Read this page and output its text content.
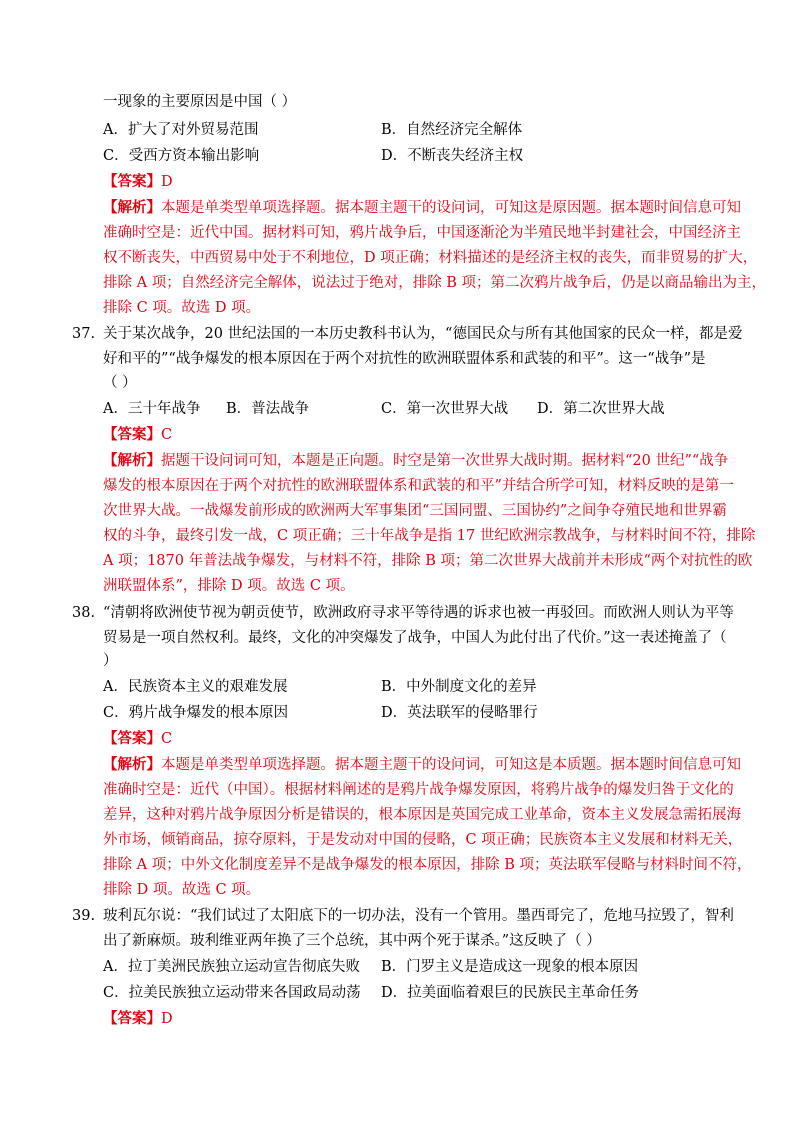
一现象的主要原因是中国（ ）
A．扩大了对外贸易范围	B．自然经济完全解体
C．受西方资本输出影响	D．不断丧失经济主权
【答案】D
【解析】本题是单类型单项选择题。据本题主题干的设问词，可知这是原因题。据本题时间信息可知
准确时空是：近代中国。据材料可知，鸦片战争后，中国逐渐沦为半殖民地半封建社会，中国经济主
权不断丧失，中西贸易中处于不利地位，D 项正确；材料描述的是经济主权的丧失，而非贸易的扩大，
排除 A 项；自然经济完全解体，说法过于绝对，排除 B 项；第二次鸦片战争后，仍是以商品输出为主，
排除 C 项。故选 D 项。
37. 关于某次战争，20 世纪法国的一本历史教科书认为，“德国民众与所有其他国家的民众一样，都是爱
好和平的”“战争爆发的根本原因在于两个对抗性的欧洲联盟体系和武装的和平”。这一“战争”是
（ ）
A．三十年战争 B．普法战争	C．第一次世界大战 D．第二次世界大战
【答案】C
【解析】据题干设问词可知，本题是正向题。时空是第一次世界大战时期。据材料“20 世纪”“战争
爆发的根本原因在于两个对抗性的欧洲联盟体系和武装的和平”并结合所学可知，材料反映的是第一
次世界大战。一战爆发前形成的欧洲两大军事集团“三国同盟、三国协约”之间争夺殖民地和世界霸
权的斗争，最终引发一战，C 项正确；三十年战争是指 17 世纪欧洲宗教战争，与材料时间不符，排除
A 项；1870 年普法战争爆发，与材料不符，排除 B 项；第二次世界大战前并未形成“两个对抗性的欧
洲联盟体系”，排除 D 项。故选 C 项。
38. “清朝将欧洲使节视为朝贡使节，欧洲政府寻求平等待遇的诉求也被一再驳回。而欧洲人则认为平等
贸易是一项自然权利。最终，文化的冲突爆发了战争，中国人为此付出了代价。”这一表述掩盖了（
）
A．民族资本主义的艰难发展	B．中外制度文化的差异
C．鸦片战争爆发的根本原因	D．英法联军的侵略罪行
【答案】C
【解析】本题是单类型单项选择题。据本题主题干的设问词，可知这是本质题。据本题时间信息可知
准确时空是：近代（中国）。根据材料阐述的是鸦片战争爆发原因，将鸦片战争的爆发归咎于文化的
差异，这种对鸦片战争原因分析是错误的，根本原因是英国完成工业革命，资本主义发展急需拓展海
外市场，倾销商品，掠夺原料，于是发动对中国的侵略，C 项正确；民族资本主义发展和材料无关，
排除 A 项；中外文化制度差异不是战争爆发的根本原因，排除 B 项；英法联军侵略与材料时间不符，
排除 D 项。故选 C 项。
39. 玻利瓦尔说：“我们试过了太阳底下的一切办法，没有一个管用。墨西哥完了，危地马拉毁了，智利
出了新麻烦。玻利维亚两年换了三个总统，其中两个死于谋杀。”这反映了（ ）
A．拉丁美洲民族独立运动宣告彻底失败 B．门罗主义是造成这一现象的根本原因
C．拉美民族独立运动带来各国政局动荡 D．拉美面临着艰巨的民族民主革命任务
【答案】D
